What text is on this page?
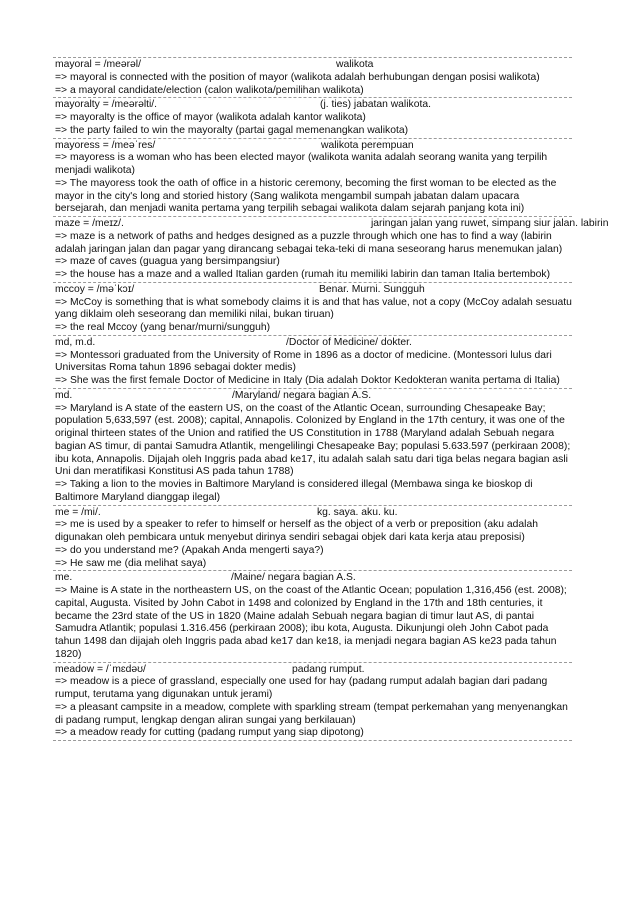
mayoral = /meərəl/	walikota
=> mayoral is connected with the position of mayor (walikota adalah berhubungan dengan posisi walikota)
=> a mayoral candidate/election (calon walikota/pemilihan walikota)
mayoralty = /meərəlti/.	(j. ties) jabatan walikota.
=> mayoralty is the office of mayor (walikota adalah kantor walikota)
=> the party failed to win the mayoralty (partai gagal memenangkan walikota)
mayoress = /meəˈres/	walikota perempuan
=> mayoress is a woman who has been elected mayor (walikota wanita adalah seorang wanita yang terpilih menjadi walikota)
=> The mayoress took the oath of office in a historic ceremony, becoming the first woman to be elected as the mayor in the city's long and storied history (Sang walikota mengambil sumpah jabatan dalam upacara bersejarah, dan menjadi wanita pertama yang terpilih sebagai walikota dalam sejarah panjang kota ini)
maze = /meɪz/.	jaringan jalan yang ruwet, simpang siur jalan. labirin
=> maze is a network of paths and hedges designed as a puzzle through which one has to find a way (labirin adalah jaringan jalan dan pagar yang dirancang sebagai teka-teki di mana seseorang harus menemukan jalan)
=> maze of caves (guagua yang bersimpangsiur)
=> the house has a maze and a walled Italian garden (rumah itu memiliki labirin dan taman Italia bertembok)
mccoy = /məˈkɔɪ/	Benar. Murni. Sungguh
=> McCoy is something that is what somebody claims it is and that has value, not a copy (McCoy adalah sesuatu yang diklaim oleh seseorang dan memiliki nilai, bukan tiruan)
=> the real Mccoy (yang benar/murni/sungguh)
md, m.d.	/Doctor of Medicine/ dokter.
=> Montessori graduated from the University of Rome in 1896 as a doctor of medicine. (Montessori lulus dari Universitas Roma tahun 1896 sebagai dokter medis)
=> She was the first female Doctor of Medicine in Italy (Dia adalah Doktor Kedokteran wanita pertama di Italia)
md.	/Maryland/ negara bagian A.S.
=> Maryland is A state of the eastern US, on the coast of the Atlantic Ocean, surrounding Chesapeake Bay; population 5,633,597 (est. 2008); capital, Annapolis. Colonized by England in the 17th century, it was one of the original thirteen states of the Union and ratified the US Constitution in 1788 (Maryland adalah Sebuah negara bagian AS timur, di pantai Samudra Atlantik, mengelilingi Chesapeake Bay; populasi 5.633.597 (perkiraan 2008); ibu kota, Annapolis. Dijajah oleh Inggris pada abad ke17, itu adalah salah satu dari tiga belas negara bagian asli Uni dan meratifikasi Konstitusi AS pada tahun 1788)
=> Taking a lion to the movies in Baltimore Maryland is considered illegal (Membawa singa ke bioskop di Baltimore Maryland dianggap ilegal)
me = /mi/.	kg. saya. aku. ku.
=> me is used by a speaker to refer to himself or herself as the object of a verb or preposition (aku adalah digunakan oleh pembicara untuk menyebut dirinya sendiri sebagai objek dari kata kerja atau preposisi)
=> do you understand me? (Apakah Anda mengerti saya?)
=> He saw me (dia melihat saya)
me.	/Maine/ negara bagian A.S.
=> Maine is A state in the northeastern US, on the coast of the Atlantic Ocean; population 1,316,456 (est. 2008); capital, Augusta. Visited by John Cabot in 1498 and colonized by England in the 17th and 18th centuries, it became the 23rd state of the US in 1820 (Maine adalah Sebuah negara bagian di timur laut AS, di pantai Samudra Atlantik; populasi 1.316.456 (perkiraan 2008); ibu kota, Augusta. Dikunjungi oleh John Cabot pada tahun 1498 dan dijajah oleh Inggris pada abad ke17 dan ke18, ia menjadi negara bagian AS ke23 pada tahun 1820)
meadow = /ˈmɛdəʊ/	padang rumput.
=> meadow is a piece of grassland, especially one used for hay (padang rumput adalah bagian dari padang rumput, terutama yang digunakan untuk jerami)
=> a pleasant campsite in a meadow, complete with sparkling stream (tempat perkemahan yang menyenangkan di padang rumput, lengkap dengan aliran sungai yang berkilauan)
=> a meadow ready for cutting (padang rumput yang siap dipotong)
